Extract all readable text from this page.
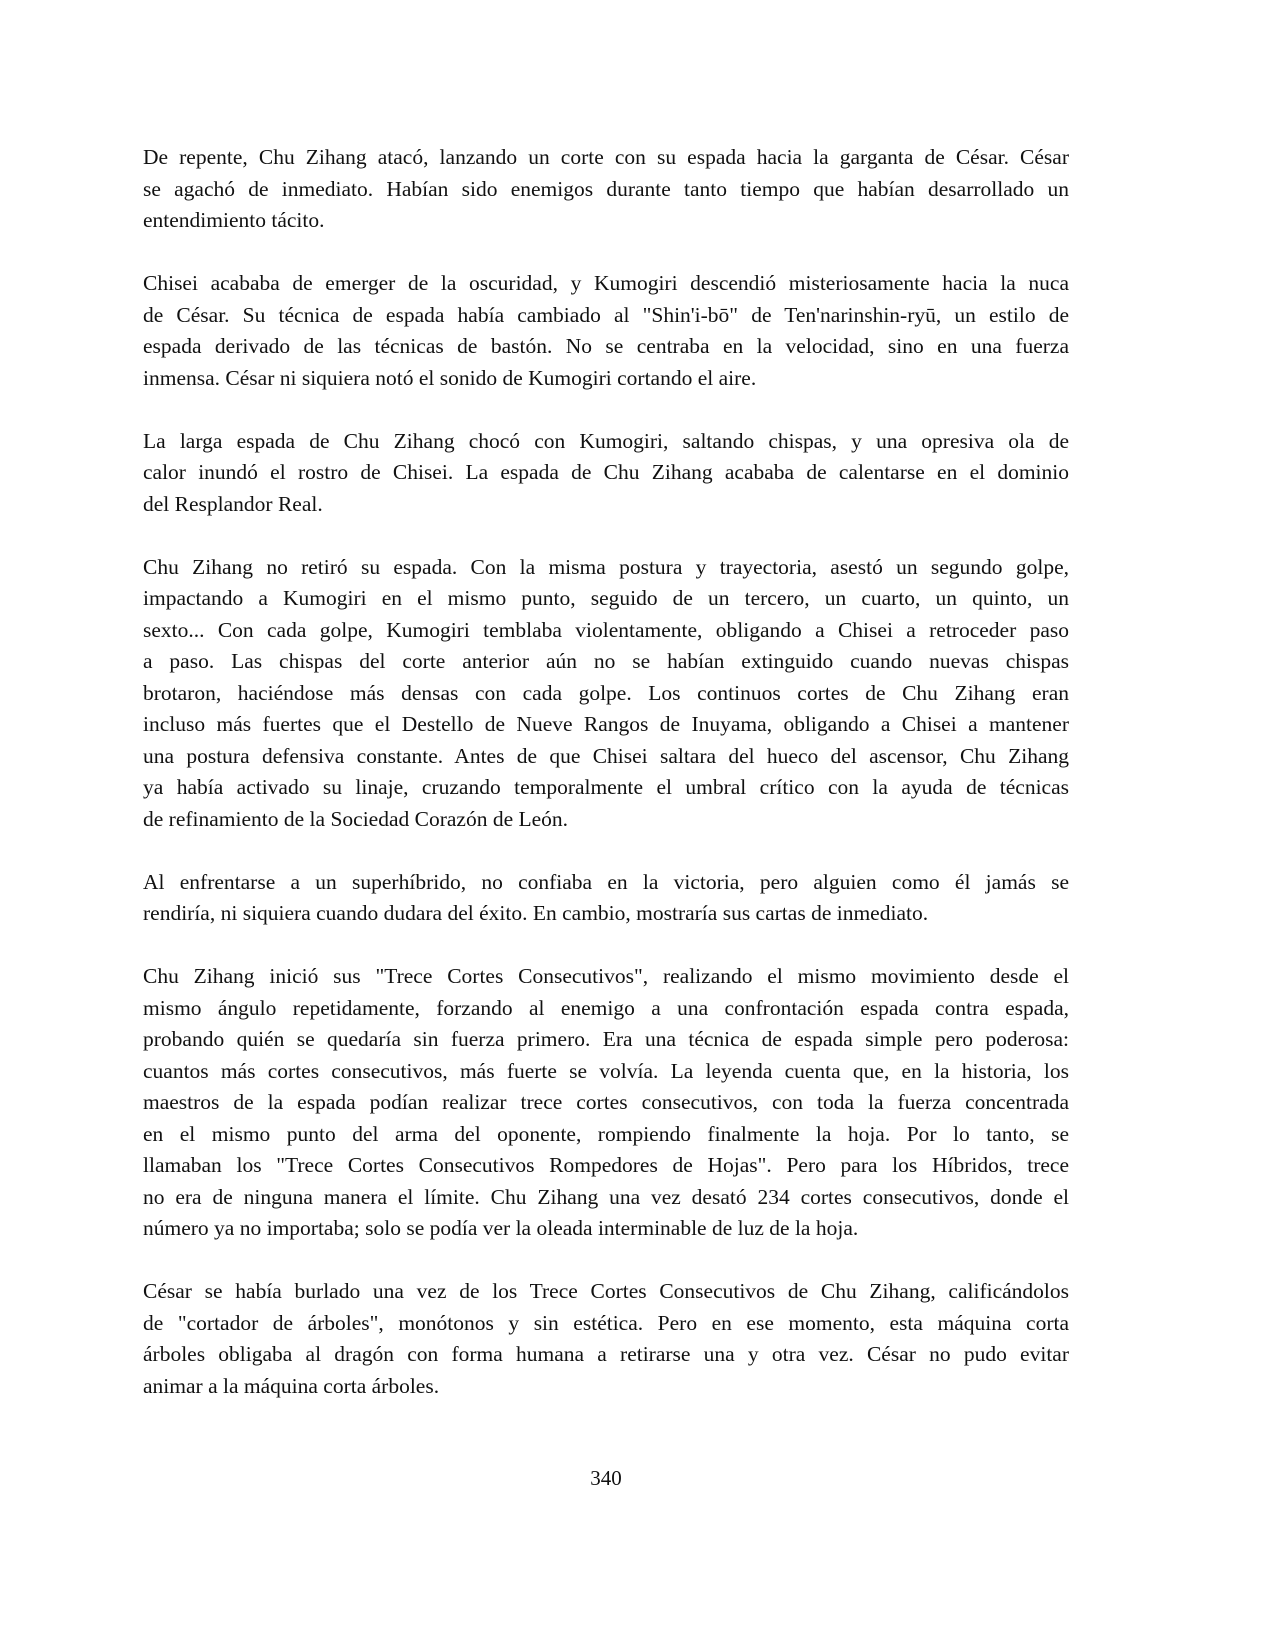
De repente, Chu Zihang atacó, lanzando un corte con su espada hacia la garganta de César. César
se agachó de inmediato. Habían sido enemigos durante tanto tiempo que habían desarrollado un
entendimiento tácito.
Chisei acababa de emerger de la oscuridad, y Kumogiri descendió misteriosamente hacia la nuca
de César. Su técnica de espada había cambiado al "Shin'i-bō" de Ten'narinshin-ryū, un estilo de
espada derivado de las técnicas de bastón. No se centraba en la velocidad, sino en una fuerza
inmensa. César ni siquiera notó el sonido de Kumogiri cortando el aire.
La larga espada de Chu Zihang chocó con Kumogiri, saltando chispas, y una opresiva ola de
calor inundó el rostro de Chisei. La espada de Chu Zihang acababa de calentarse en el dominio
del Resplandor Real.
Chu Zihang no retiró su espada. Con la misma postura y trayectoria, asestó un segundo golpe,
impactando a Kumogiri en el mismo punto, seguido de un tercero, un cuarto, un quinto, un
sexto... Con cada golpe, Kumogiri temblaba violentamente, obligando a Chisei a retroceder paso
a paso. Las chispas del corte anterior aún no se habían extinguido cuando nuevas chispas
brotaron, haciéndose más densas con cada golpe. Los continuos cortes de Chu Zihang eran
incluso más fuertes que el Destello de Nueve Rangos de Inuyama, obligando a Chisei a mantener
una postura defensiva constante. Antes de que Chisei saltara del hueco del ascensor, Chu Zihang
ya había activado su linaje, cruzando temporalmente el umbral crítico con la ayuda de técnicas
de refinamiento de la Sociedad Corazón de León.
Al enfrentarse a un superhíbrido, no confiaba en la victoria, pero alguien como él jamás se
rendiría, ni siquiera cuando dudara del éxito. En cambio, mostraría sus cartas de inmediato.
Chu Zihang inició sus "Trece Cortes Consecutivos", realizando el mismo movimiento desde el
mismo ángulo repetidamente, forzando al enemigo a una confrontación espada contra espada,
probando quién se quedaría sin fuerza primero. Era una técnica de espada simple pero poderosa:
cuantos más cortes consecutivos, más fuerte se volvía. La leyenda cuenta que, en la historia, los
maestros de la espada podían realizar trece cortes consecutivos, con toda la fuerza concentrada
en el mismo punto del arma del oponente, rompiendo finalmente la hoja. Por lo tanto, se
llamaban los "Trece Cortes Consecutivos Rompedores de Hojas". Pero para los Híbridos, trece
no era de ninguna manera el límite. Chu Zihang una vez desató 234 cortes consecutivos, donde el
número ya no importaba; solo se podía ver la oleada interminable de luz de la hoja.
César se había burlado una vez de los Trece Cortes Consecutivos de Chu Zihang, calificándolos
de "cortador de árboles", monótonos y sin estética. Pero en ese momento, esta máquina corta
árboles obligaba al dragón con forma humana a retirarse una y otra vez. César no pudo evitar
animar a la máquina corta árboles.
340
